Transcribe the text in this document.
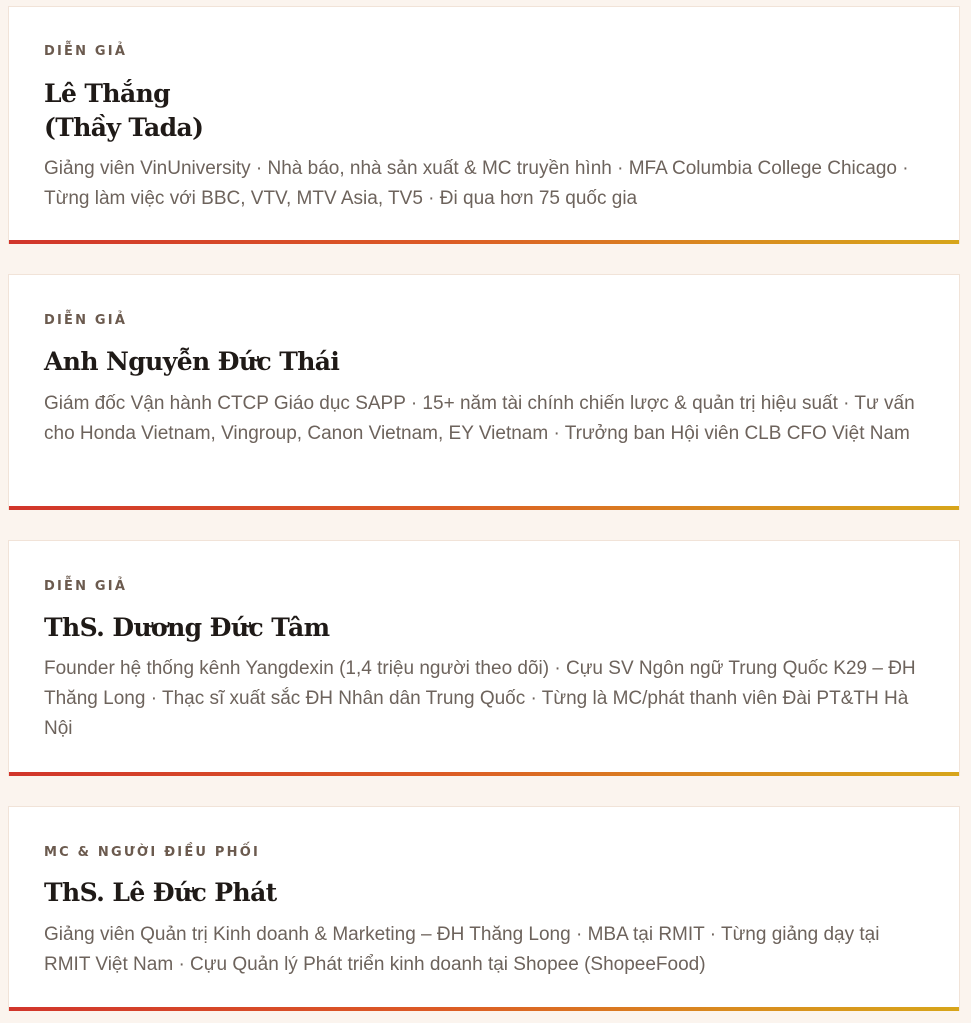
DIỄN GIẢ

Lê Thắng
(Thầy Tada)

Giảng viên VinUniversity · Nhà báo, nhà sản xuất & MC truyền hình · MFA Columbia College Chicago · Từng làm việc với BBC, VTV, MTV Asia, TV5 · Đi qua hơn 75 quốc gia

DIỄN GIẢ

Anh Nguyễn Đức Thái

Giám đốc Vận hành CTCP Giáo dục SAPP · 15+ năm tài chính chiến lược & quản trị hiệu suất · Tư vấn cho Honda Vietnam, Vingroup, Canon Vietnam, EY Vietnam · Trưởng ban Hội viên CLB CFO Việt Nam

DIỄN GIẢ

ThS. Dương Đức Tâm

Founder hệ thống kênh Yangdexin (1,4 triệu người theo dõi) · Cựu SV Ngôn ngữ Trung Quốc K29 – ĐH Thăng Long · Thạc sĩ xuất sắc ĐH Nhân dân Trung Quốc · Từng là MC/phát thanh viên Đài PT&TH Hà Nội

MC & NGƯỜI ĐIỀU PHỐI

ThS. Lê Đức Phát

Giảng viên Quản trị Kinh doanh & Marketing – ĐH Thăng Long · MBA tại RMIT · Từng giảng dạy tại RMIT Việt Nam · Cựu Quản lý Phát triển kinh doanh tại Shopee (ShopeeFood)
